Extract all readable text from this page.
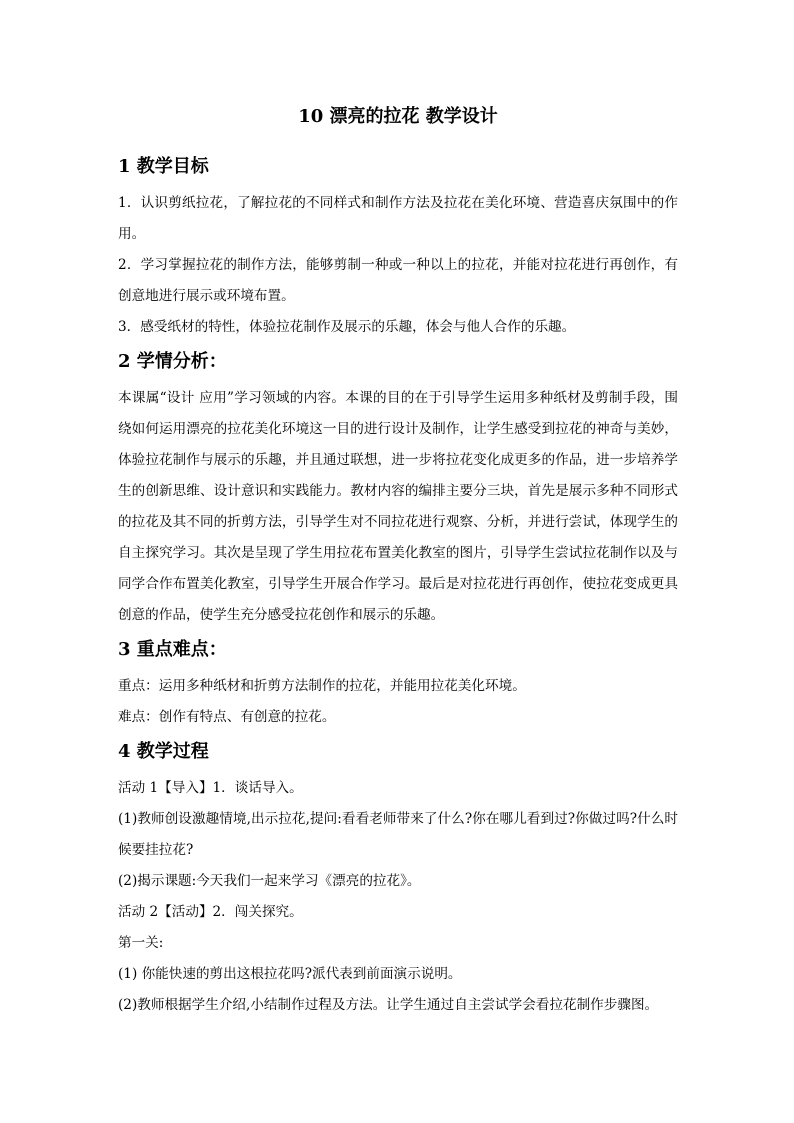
10 漂亮的拉花 教学设计
1 教学目标
1．认识剪纸拉花，了解拉花的不同样式和制作方法及拉花在美化环境、营造喜庆氛围中的作用。
2．学习掌握拉花的制作方法，能够剪制一种或一种以上的拉花，并能对拉花进行再创作，有创意地进行展示或环境布置。
3．感受纸材的特性，体验拉花制作及展示的乐趣，体会与他人合作的乐趣。
2 学情分析：
本课属“设计 应用”学习领域的内容。本课的目的在于引导学生运用多种纸材及剪制手段，围绕如何运用漂亮的拉花美化环境这一目的进行设计及制作，让学生感受到拉花的神奇与美妙，体验拉花制作与展示的乐趣，并且通过联想，进一步将拉花变化成更多的作品，进一步培养学生的创新思维、设计意识和实践能力。教材内容的编排主要分三块，首先是展示多种不同形式的拉花及其不同的折剪方法，引导学生对不同拉花进行观察、分析，并进行尝试，体现学生的自主探究学习。其次是呈现了学生用拉花布置美化教室的图片，引导学生尝试拉花制作以及与同学合作布置美化教室，引导学生开展合作学习。最后是对拉花进行再创作，使拉花变成更具创意的作品，使学生充分感受拉花创作和展示的乐趣。
3 重点难点：
重点：运用多种纸材和折剪方法制作的拉花，并能用拉花美化环境。
难点：创作有特点、有创意的拉花。
4 教学过程
活动 1【导入】1．谈话导入。
(1)教师创设激趣情境,出示拉花,提问:看看老师带来了什么?你在哪儿看到过?你做过吗?什么时候要挂拉花?
(2)揭示课题:今天我们一起来学习《漂亮的拉花》。
活动 2【活动】2．闯关探究。
第一关:
(1) 你能快速的剪出这根拉花吗?派代表到前面演示说明。
(2)教师根据学生介绍,小结制作过程及方法。让学生通过自主尝试学会看拉花制作步骤图。
